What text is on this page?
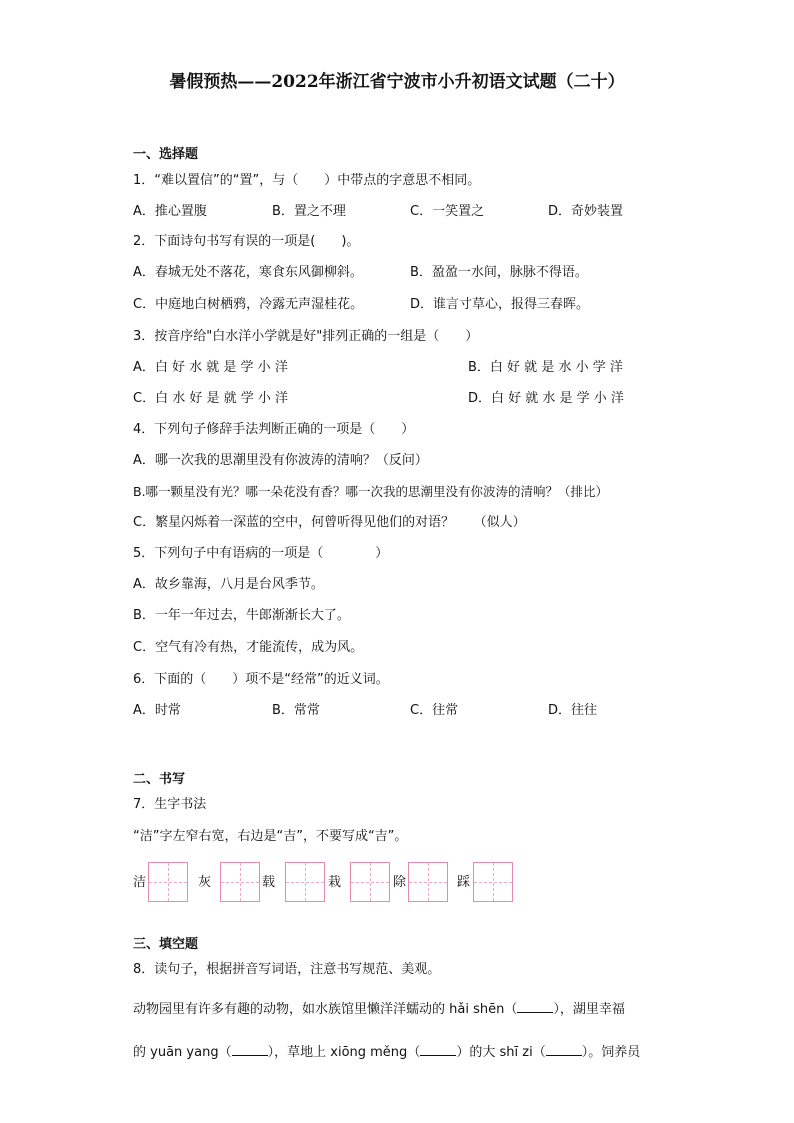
暑假预热——2022年浙江省宁波市小升初语文试题（二十）
一、选择题
1．“难以置信”的“置”，与（　　）中带点的字意思不相同。
A．推心置腹	B．置之不理	C．一笑置之	D．奇妙装置
2．下面诗句书写有误的一项是(　　)。
A．春城无处不落花，寒食东风御柳斜。	B．盈盈一水间，脉脉不得语。
C．中庭地白树栖鸦，冷露无声湿桂花。	D．谁言寸草心，报得三春晖。
3．按音序给"白水洋小学就是好"排列正确的一组是（　　）
A．白 好 水 就 是 学 小 洋	B．白 好 就 是 水 小 学 洋
C．白 水 好 是 就 学 小 洋	D．白 好 就 水 是 学 小 洋
4．下列句子修辞手法判断正确的一项是（　　）
A．哪一次我的思潮里没有你波涛的清响？（反问）
B.哪一颗星没有光？哪一朵花没有香？哪一次我的思潮里没有你波涛的清响？（排比）
C．繁星闪烁着一深蓝的空中，何曾听得见他们的对语？　　（似人）
5．下列句子中有语病的一项是（　　　　）
A．故乡靠海，八月是台风季节。
B．一年一年过去，牛郎渐渐长大了。
C．空气有冷有热，才能流传，成为风。
6．下面的（　　）项不是“经常”的近义词。
A．时常	B．常常	C．往常	D．往往
二、书写
7．生字书法
“洁”字左窄右宽，右边是“吉”，不要写成“吉”。
洁	灰	载	栽	除	踩
三、填空题
8．读句子，根据拼音写词语，注意书写规范、美观。
动物园里有许多有趣的动物，如水族馆里懒洋洋蠕动的 hǎi shēn（	），湖里幸福
的 yuān yang（	），草地上 xiōng měng（	）的大 shī zi（	）。饲养员
